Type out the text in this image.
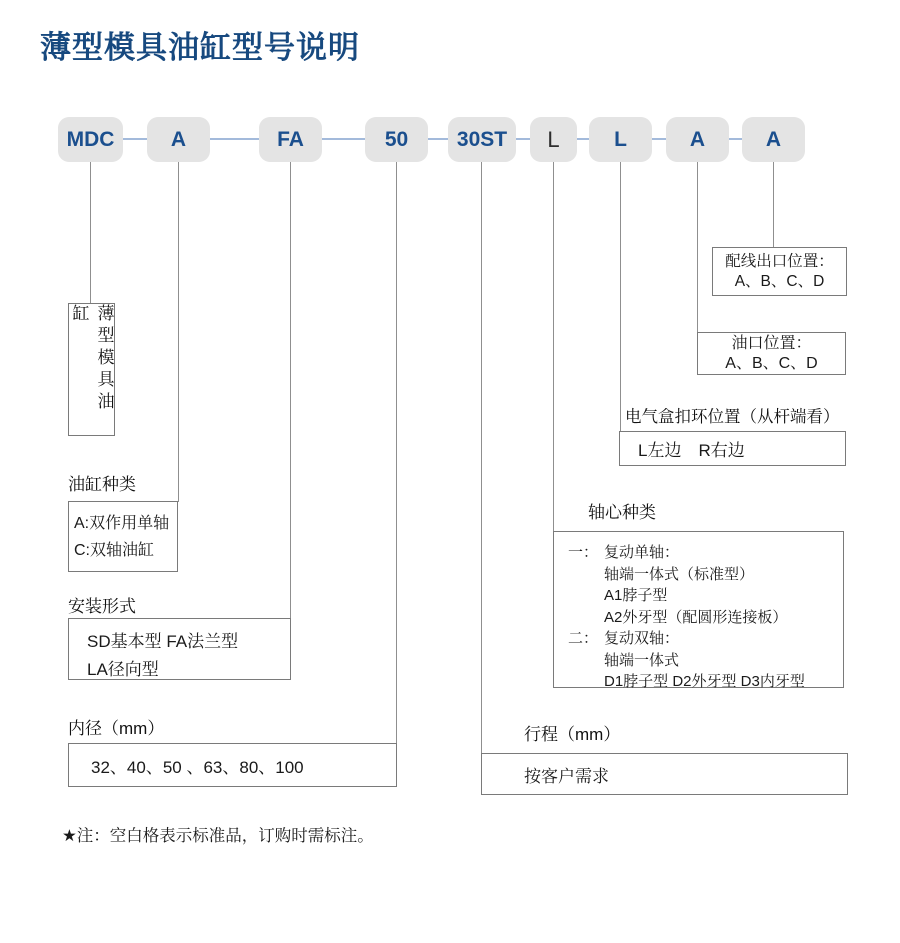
薄型模具油缸型号说明
MDC	A	FA	50	30ST	L	L	A	A
薄型模具油缸
油缸种类
A:双作用单轴
C:双轴油缸
安装形式
SD基本型 FA法兰型
LA径向型
内径（mm）
32、40、50 、63、80、100
行程（mm）
按客户需求
轴心种类
一： 复动单轴：
轴端一体式（标准型）
A1脖子型
A2外牙型（配圆形连接板）
二： 复动双轴：
轴端一体式
D1脖子型 D2外牙型 D3内牙型
电气盒扣环位置（从杆端看）
L左边　R右边
油口位置：
A、B、C、D
配线出口位置：
A、B、C、D
★注：空白格表示标准品，订购时需标注。
